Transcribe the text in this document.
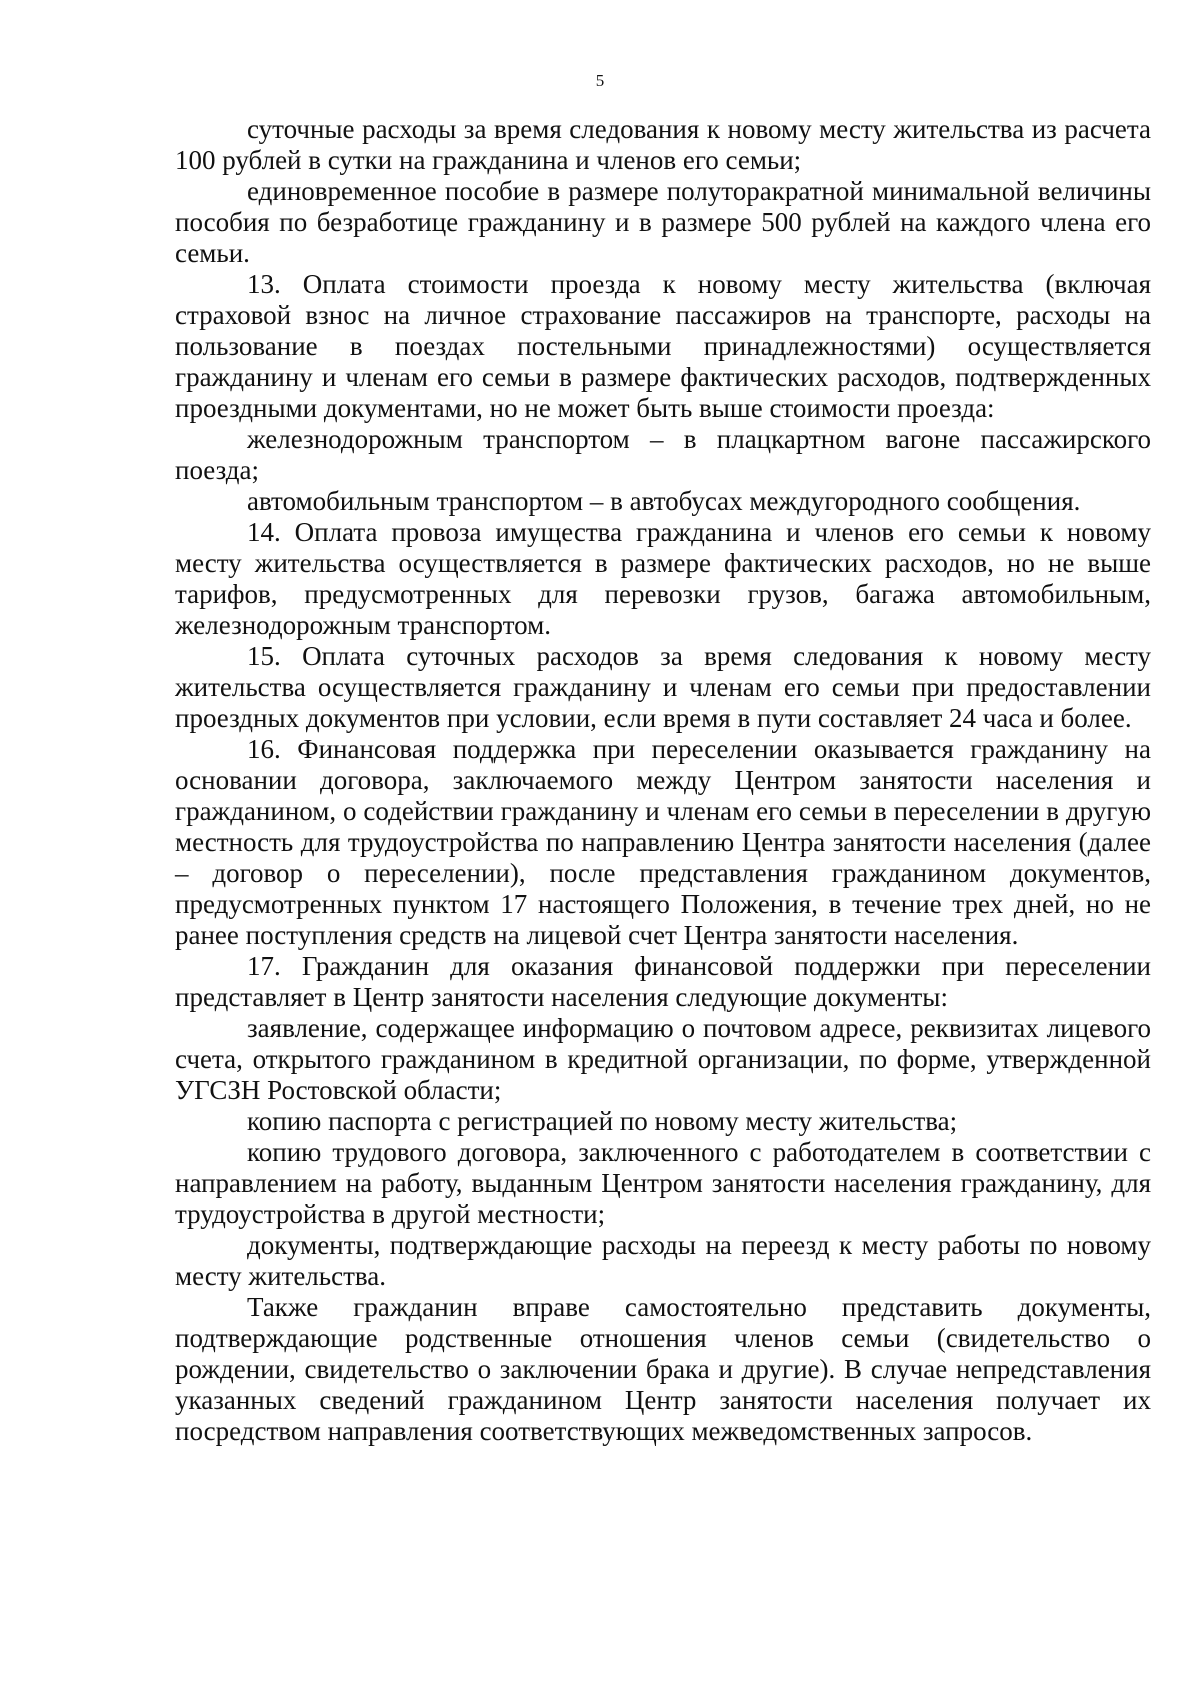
5

суточные расходы за время следования к новому месту жительства из расчета 100 рублей в сутки на гражданина и членов его семьи;

единовременное пособие в размере полуторакратной минимальной величины пособия по безработице гражданину и в размере 500 рублей на каждого члена его семьи.

13. Оплата стоимости проезда к новому месту жительства (включая страховой взнос на личное страхование пассажиров на транспорте, расходы на пользование в поездах постельными принадлежностями) осуществляется гражданину и членам его семьи в размере фактических расходов, подтвержденных проездными документами, но не может быть выше стоимости проезда:

железнодорожным транспортом – в плацкартном вагоне пассажирского поезда;

автомобильным транспортом – в автобусах междугородного сообщения.

14. Оплата провоза имущества гражданина и членов его семьи к новому месту жительства осуществляется в размере фактических расходов, но не выше тарифов, предусмотренных для перевозки грузов, багажа автомобильным, железнодорожным транспортом.

15. Оплата суточных расходов за время следования к новому месту жительства осуществляется гражданину и членам его семьи при предоставлении проездных документов при условии, если время в пути составляет 24 часа и более.

16. Финансовая поддержка при переселении оказывается гражданину на основании договора, заключаемого между Центром занятости населения и гражданином, о содействии гражданину и членам его семьи в переселении в другую местность для трудоустройства по направлению Центра занятости населения (далее – договор о переселении), после представления гражданином документов, предусмотренных пунктом 17 настоящего Положения, в течение трех дней, но не ранее поступления средств на лицевой счет Центра занятости населения.

17. Гражданин для оказания финансовой поддержки при переселении представляет в Центр занятости населения следующие документы:

заявление, содержащее информацию о почтовом адресе, реквизитах лицевого счета, открытого гражданином в кредитной организации, по форме, утвержденной УГСЗН Ростовской области;

копию паспорта с регистрацией по новому месту жительства;

копию трудового договора, заключенного с работодателем в соответствии с направлением на работу, выданным Центром занятости населения гражданину, для трудоустройства в другой местности;

документы, подтверждающие расходы на переезд к месту работы по новому месту жительства.

Также гражданин вправе самостоятельно представить документы, подтверждающие родственные отношения членов семьи (свидетельство о рождении, свидетельство о заключении брака и другие). В случае непредставления указанных сведений гражданином Центр занятости населения получает их посредством направления соответствующих межведомственных запросов.
